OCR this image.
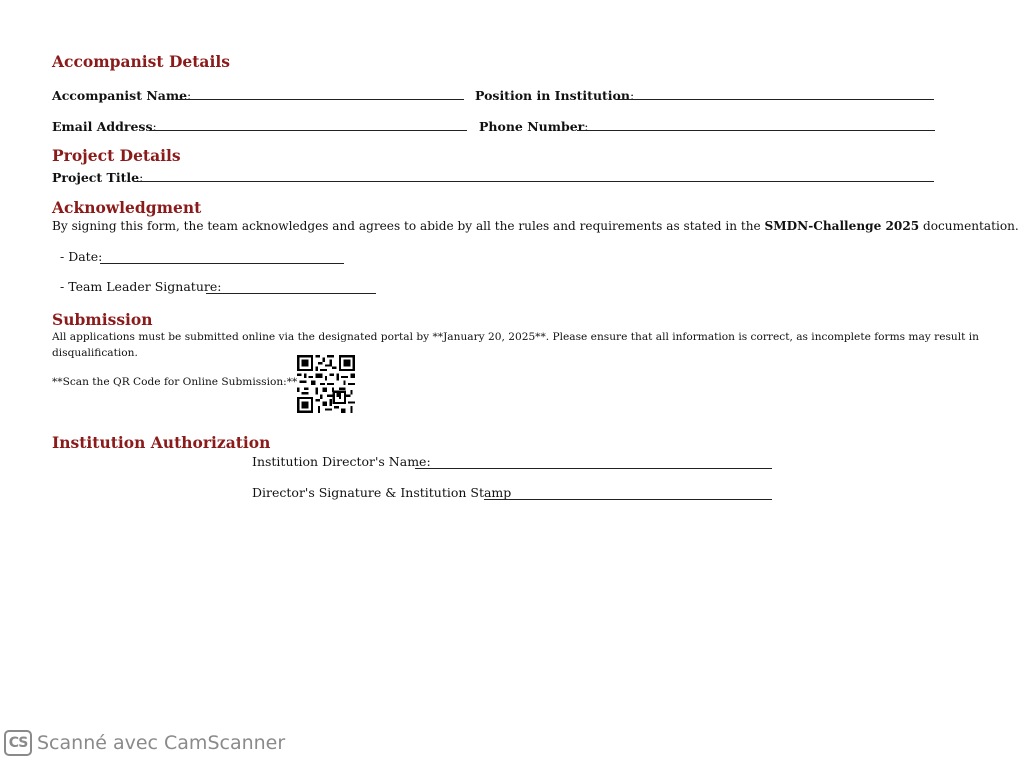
Accompanist Details
Accompanist Name:	Position in Institution:
Email Address:	Phone Number:
Project Details
Project Title:
Acknowledgment
By signing this form, the team acknowledges and agrees to abide by all the rules and requirements as stated in the SMDN-Challenge 2025 documentation.
- Date:
- Team Leader Signature:
Submission
All applications must be submitted online via the designated portal by **January 20, 2025**. Please ensure that all information is correct, as incomplete forms may result in
disqualification.
**Scan the QR Code for Online Submission:**
Institution Authorization
Institution Director's Name:
Director's Signature & Institution Stamp
CS Scanné avec CamScanner
